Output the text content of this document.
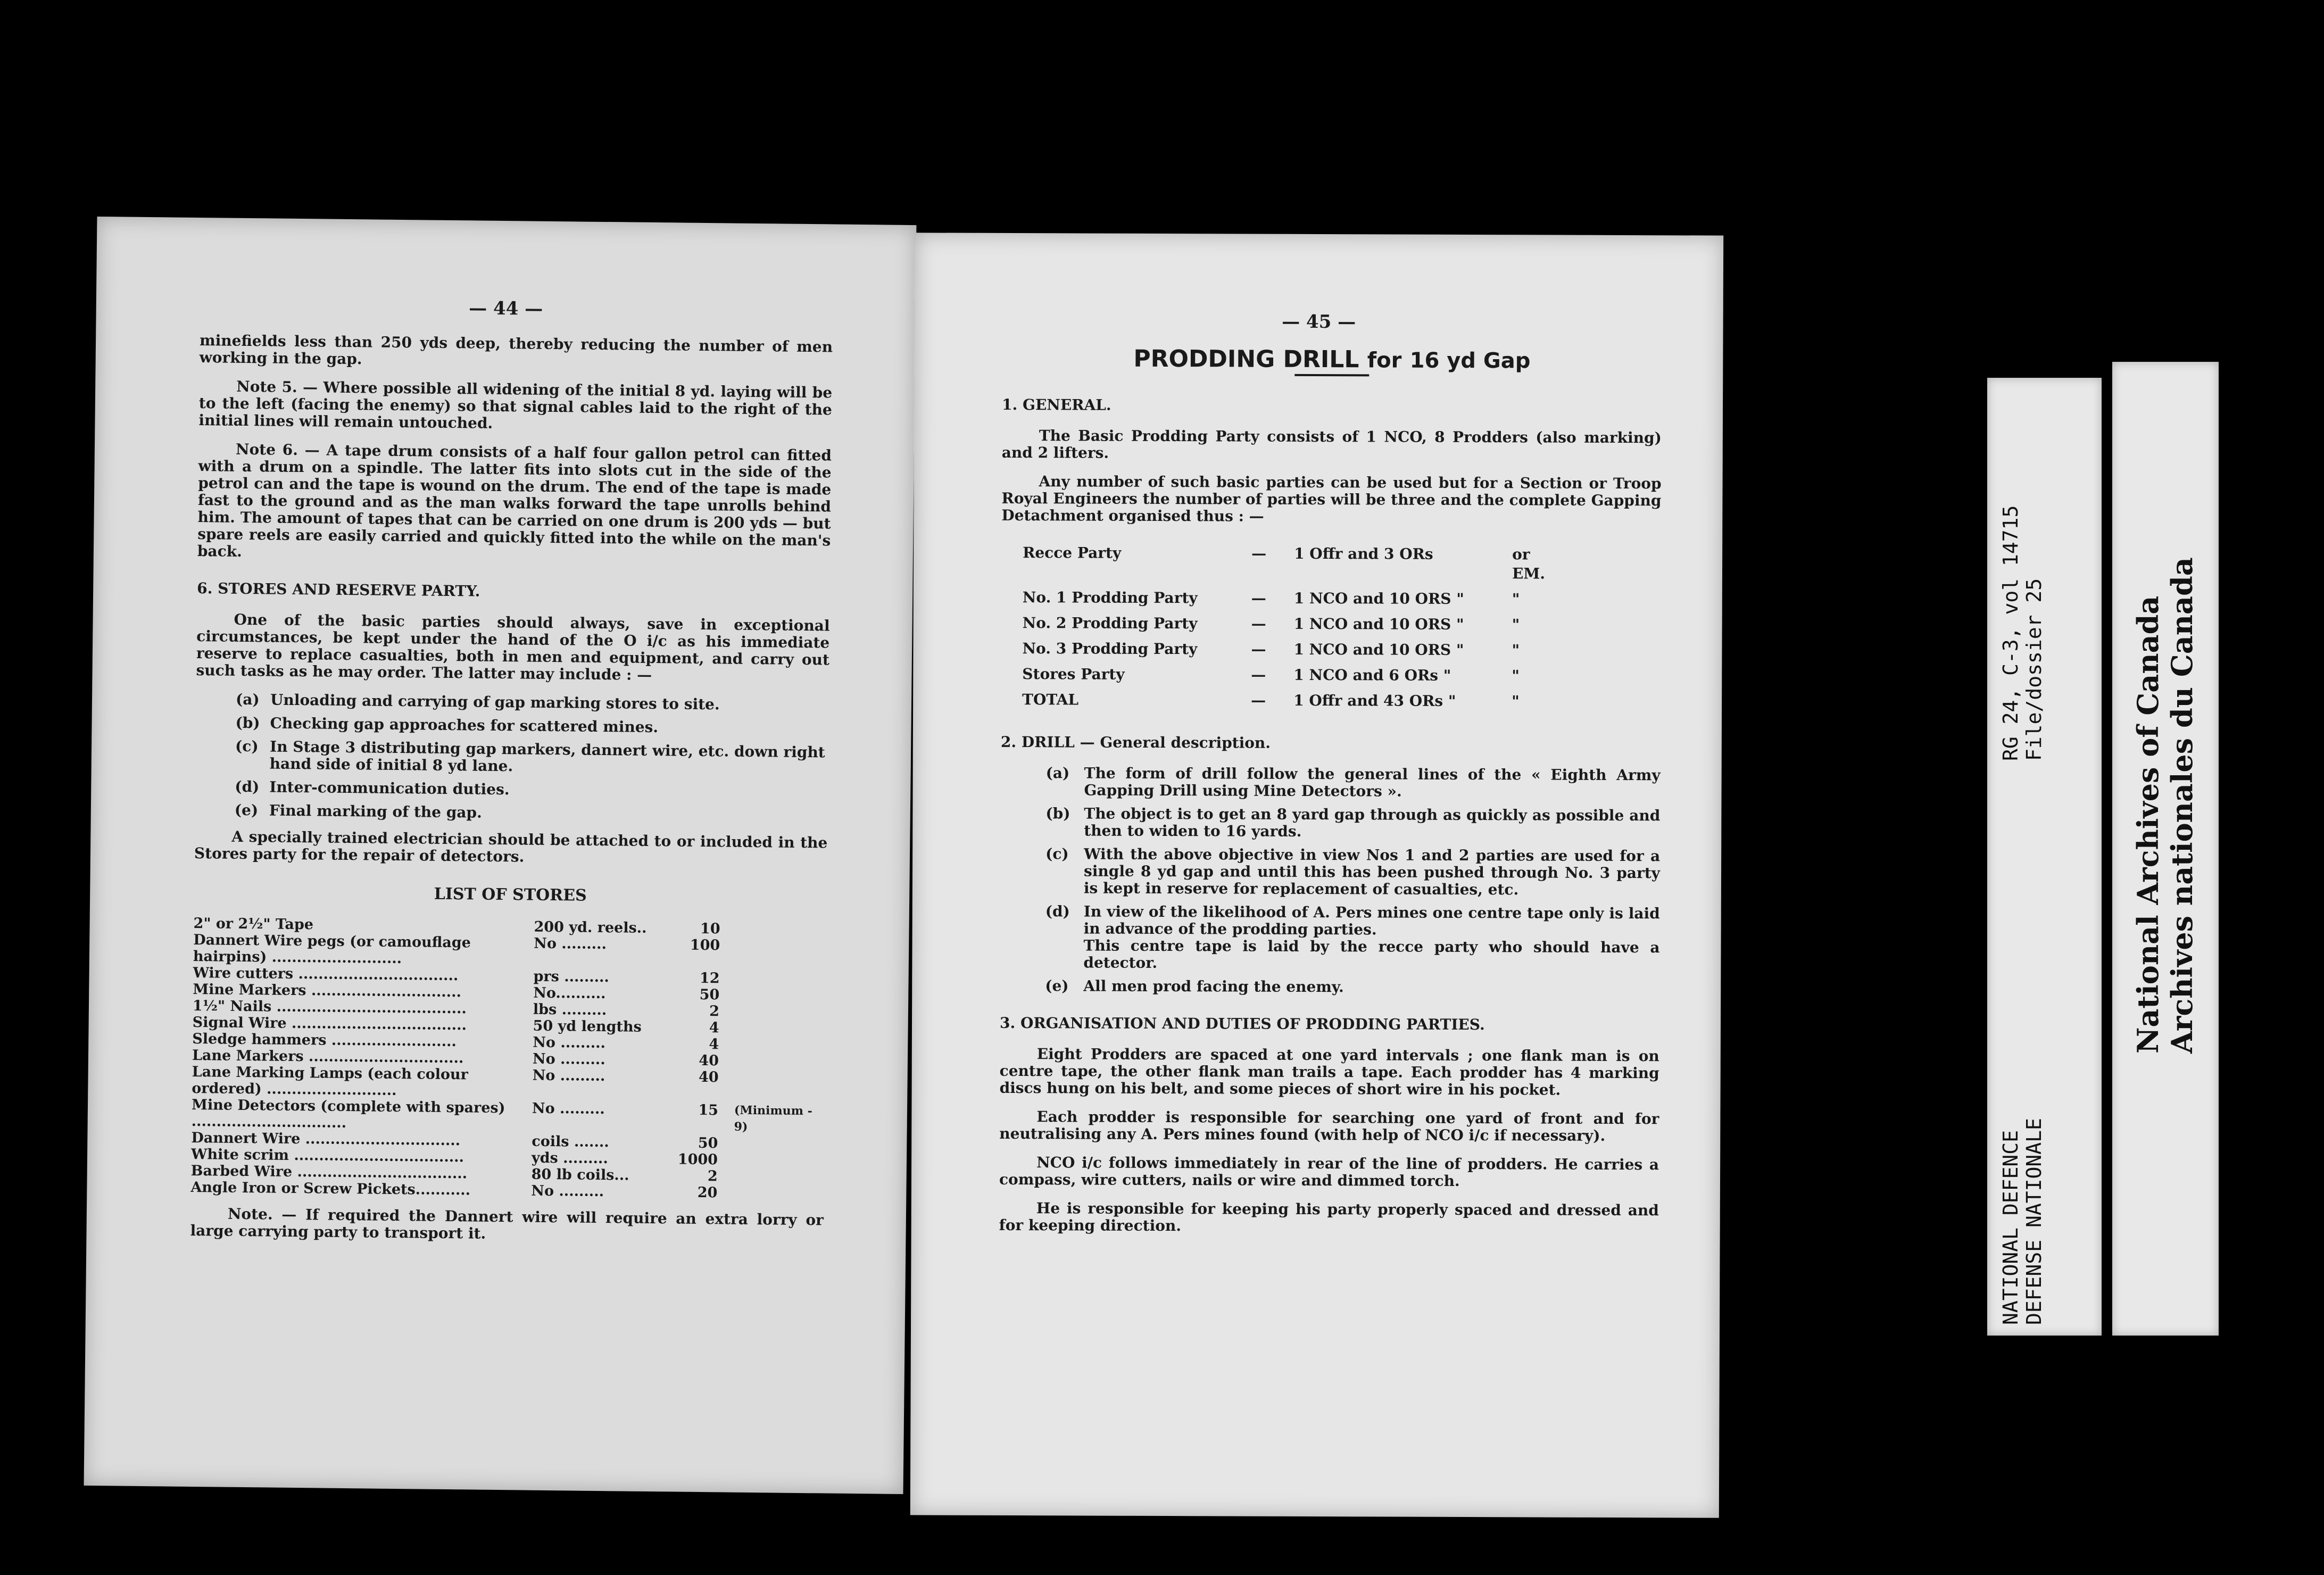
— 44 —

minefields less than 250 yds deep, thereby reducing the number of men working in the gap.

Note 5. — Where possible all widening of the initial 8 yd. laying will be to the left (facing the enemy) so that signal cables laid to the right of the initial lines will remain untouched.

Note 6. — A tape drum consists of a half four gallon petrol can fitted with a drum on a spindle. The latter fits into slots cut in the side of the petrol can and the tape is wound on the drum. The end of the tape is made fast to the ground and as the man walks forward the tape unrolls behind him. The amount of tapes that can be carried on one drum is 200 yds — but spare reels are easily carried and quickly fitted into the while on the man's back.

6. STORES AND RESERVE PARTY.

One of the basic parties should always, save in exceptional circumstances, be kept under the hand of the O i/c as his immediate reserve to replace casualties, both in men and equipment, and carry out such tasks as he may order. The latter may include : —

(a) Unloading and carrying of gap marking stores to site.
(b) Checking gap approaches for scattered mines.
(c) In Stage 3 distributing gap markers, dannert wire, etc. down right hand side of initial 8 yd lane.
(d) Inter-communication duties.
(e) Final marking of the gap.

A specially trained electrician should be attached to or included in the Stores party for the repair of detectors.

LIST OF STORES
2" or 2½" Tape	200 yd. reels..	10	
Dannert Wire pegs (or camouflage hairpins) ..........................	No .........	100	
Wire cutters ................................	prs .........	12	
Mine Markers ..............................	No..........	50	
1½" Nails ......................................	lbs .........	2	
Signal Wire ...................................	50 yd lengths	4	
Sledge hammers .........................	No .........	4	
Lane Markers ...............................	No .........	40	
Lane Marking Lamps (each colour ordered) ..........................	No .........	40	
Mine Detectors (complete with spares) ...............................	No .........	15	(Minimum - 9)
Dannert Wire ...............................	coils .......	50	
White scrim ..................................	yds .........	1000	
Barbed Wire ..................................	80 lb coils...	2	
Angle Iron or Screw Pickets...........	No .........	20	

Note. — If required the Dannert wire will require an extra lorry or large carrying party to transport it.

— 45 —
PRODDING DRILL for 16 yd Gap
1. GENERAL.

The Basic Prodding Party consists of 1 NCO, 8 Prodders (also marking) and 2 lifters.

Any number of such basic parties can be used but for a Section or Troop Royal Engineers the number of parties will be three and the complete Gapping Detachment organised thus : —

Recce Party	—	1 Offr and 3 ORs	or EM.
No. 1 Prodding Party	—	1 NCO and 10 ORS "	"
No. 2 Prodding Party	—	1 NCO and 10 ORS "	"
No. 3 Prodding Party	—	1 NCO and 10 ORS "	"
Stores Party	—	1 NCO and 6 ORs "	"
TOTAL	—	1 Offr and 43 ORs "	"
2. DRILL — General description.
(a) The form of drill follow the general lines of the « Eighth Army Gapping Drill using Mine Detectors ».
(b) The object is to get an 8 yard gap through as quickly as possible and then to widen to 16 yards.
(c)	With the above objective in view Nos 1 and 2 parties are used for a single 8 yd gap and until this has been pushed through No. 3 party is kept in reserve for replacement of casualties, etc.
(d) In view of the likelihood of A. Pers mines one centre tape only is laid in advance of the prodding parties.
This centre tape is laid by the recce party who should have a detector.
(e) All men prod facing the enemy.
3. ORGANISATION AND DUTIES OF PRODDING PARTIES.

Eight Prodders are spaced at one yard intervals ; one flank man is on centre tape, the other flank man trails a tape. Each prodder has 4 marking discs hung on his belt, and some pieces of short wire in his pocket.

Each prodder is responsible for searching one yard of front and for neutralising any A. Pers mines found (with help of NCO i/c if necessary).

NCO i/c follows immediately in rear of the line of prodders. He carries a compass, wire cutters, nails or wire and dimmed torch.

He is responsible for keeping his party properly spaced and dressed and for keeping direction.

RG 24, C-3, vol 14715 File/dossier 25
NATIONAL DEFENCE DEFENSE NATIONALE
National Archives of Canada Archives nationales du Canada
